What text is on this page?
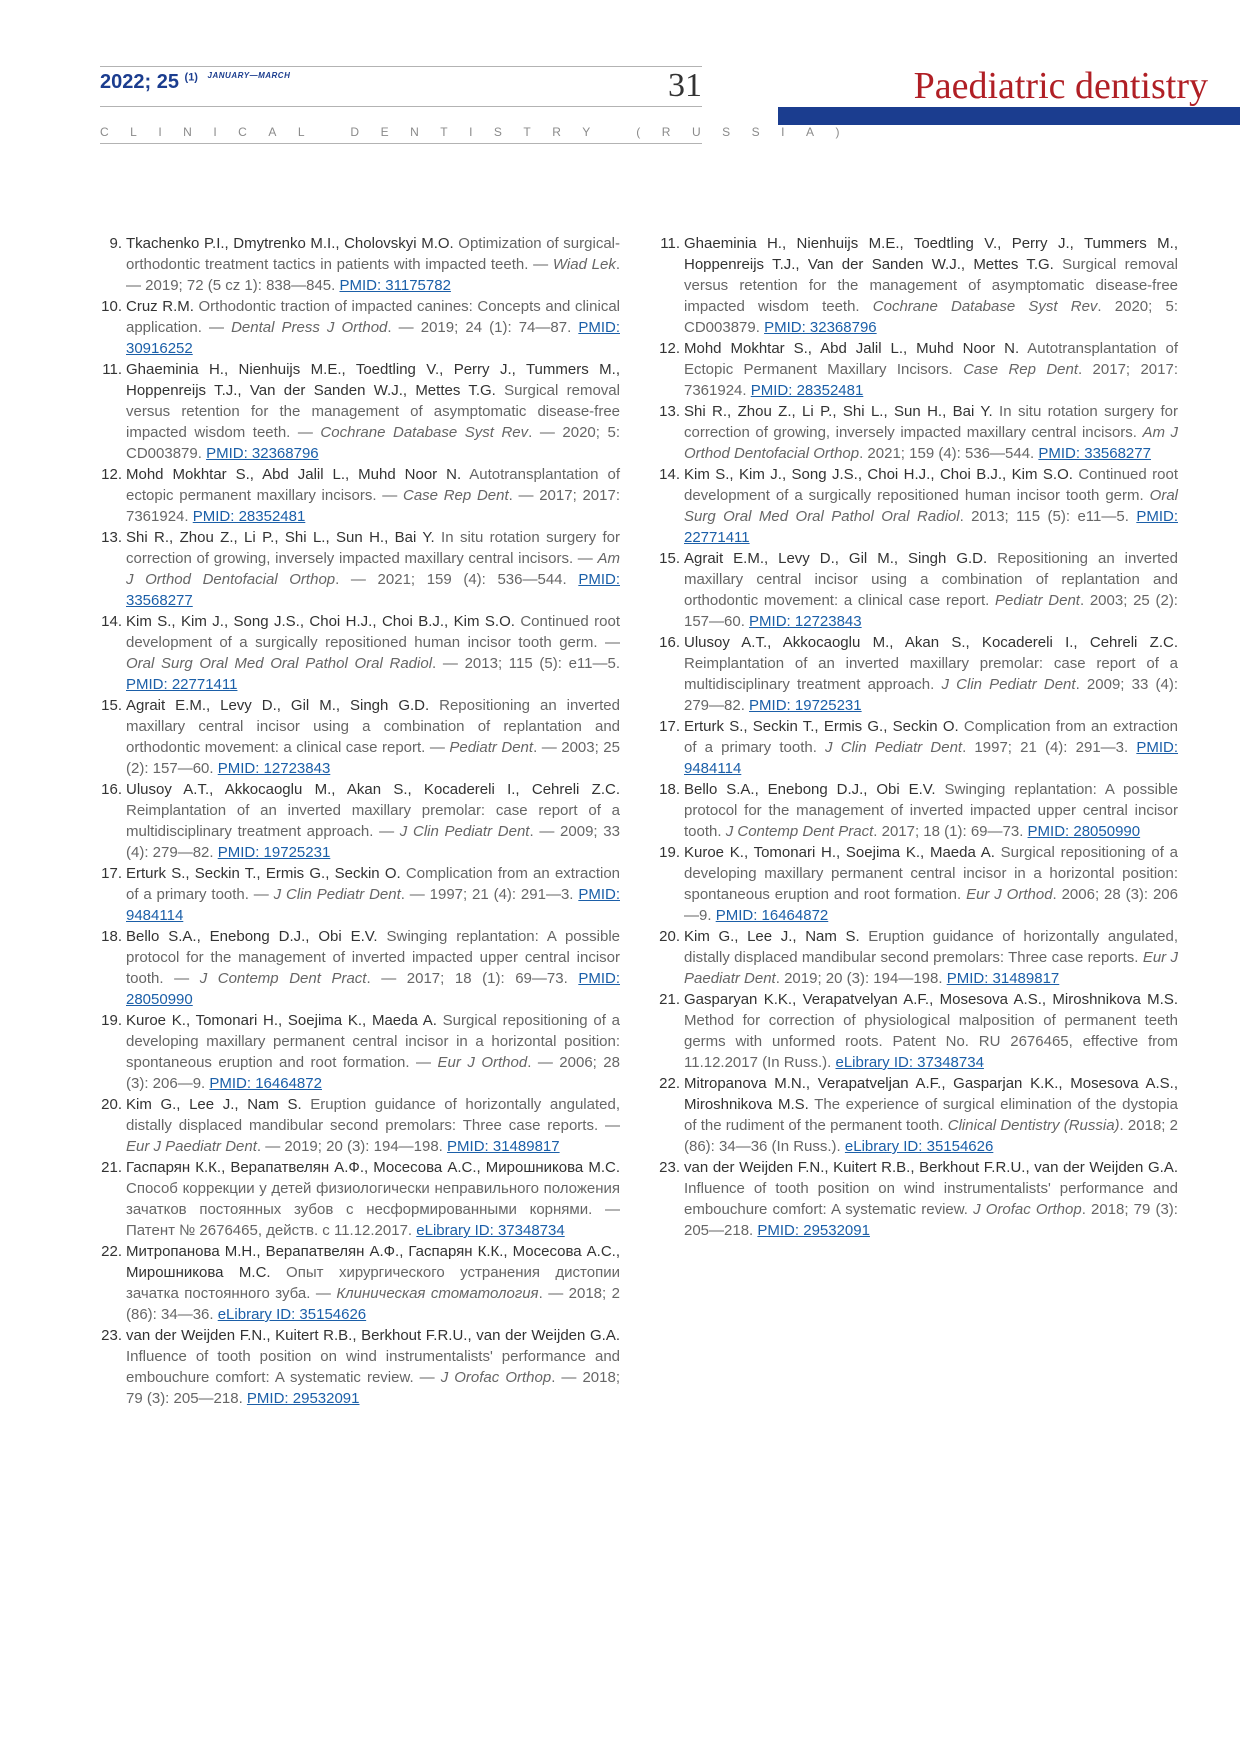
2022; 25 $^{(1)}$ $^{JANUARY—MARCH}$	31
CLINICAL DENTISTRY (RUSSIA)
Paediatric dentistry
9. Tkachenko P.I., Dmytrenko M.I., Cholovskyi M.O. Optimization of surgical-orthodontic treatment tactics in patients with impacted teeth. — Wiad Lek. — 2019; 72 (5 cz 1): 838—845. PMID: 31175782
10. Cruz R.M. Orthodontic traction of impacted canines: Concepts and clinical application. — Dental Press J Orthod. — 2019; 24 (1): 74—87. PMID: 30916252
11. Ghaeminia H., Nienhuijs M.E., Toedtling V., Perry J., Tummers M., Hoppenreijs T.J., Van der Sanden W.J., Mettes T.G. Surgical removal versus retention for the management of asymptomatic disease-free impacted wisdom teeth. — Cochrane Database Syst Rev. — 2020; 5: CD003879. PMID: 32368796
12. Mohd Mokhtar S., Abd Jalil L., Muhd Noor N. Autotransplantation of ectopic permanent maxillary incisors. — Case Rep Dent. — 2017; 2017: 7361924. PMID: 28352481
13. Shi R., Zhou Z., Li P., Shi L., Sun H., Bai Y. In situ rotation surgery for correction of growing, inversely impacted maxillary central incisors. — Am J Orthod Dentofacial Orthop. — 2021; 159 (4): 536—544. PMID: 33568277
14. Kim S., Kim J., Song J.S., Choi H.J., Choi B.J., Kim S.O. Continued root development of a surgically repositioned human incisor tooth germ. — Oral Surg Oral Med Oral Pathol Oral Radiol. — 2013; 115 (5): e11—5. PMID: 22771411
15. Agrait E.M., Levy D., Gil M., Singh G.D. Repositioning an inverted maxillary central incisor using a combination of replantation and orthodontic movement: a clinical case report. — Pediatr Dent. — 2003; 25 (2): 157—60. PMID: 12723843
16. Ulusoy A.T., Akkocaoglu M., Akan S., Kocadereli I., Cehreli Z.C. Reimplantation of an inverted maxillary premolar: case report of a multidisciplinary treatment approach. — J Clin Pediatr Dent. — 2009; 33 (4): 279—82. PMID: 19725231
17. Erturk S., Seckin T., Ermis G., Seckin O. Complication from an extraction of a primary tooth. — J Clin Pediatr Dent. — 1997; 21 (4): 291—3. PMID: 9484114
18. Bello S.A., Enebong D.J., Obi E.V. Swinging replantation: A possible protocol for the management of inverted impacted upper central incisor tooth. — J Contemp Dent Pract. — 2017; 18 (1): 69—73. PMID: 28050990
19. Kuroe K., Tomonari H., Soejima K., Maeda A. Surgical repositioning of a developing maxillary permanent central incisor in a horizontal position: spontaneous eruption and root formation. — Eur J Orthod. — 2006; 28 (3): 206—9. PMID: 16464872
20. Kim G., Lee J., Nam S. Eruption guidance of horizontally angulated, distally displaced mandibular second premolars: Three case reports. — Eur J Paediatr Dent. — 2019; 20 (3): 194—198. PMID: 31489817
21. Гаспарян К.К., Верапатвелян А.Ф., Мосесова А.С., Мирошникова М.С. Способ коррекции у детей физиологически неправильного положения зачатков постоянных зубов с несформированными корнями. — Патент № 2676465, действ. с 11.12.2017. eLibrary ID: 37348734
22. Митропанова М.Н., Верапатвелян А.Ф., Гаспарян К.К., Мосесова А.С., Мирошникова М.С. Опыт хирургического устранения дистопии зачатка постоянного зуба. — Клиническая стоматология. — 2018; 2 (86): 34—36. eLibrary ID: 35154626
23. van der Weijden F.N., Kuitert R.B., Berkhout F.R.U., van der Weijden G.A. Influence of tooth position on wind instrumentalists' performance and embouchure comfort: A systematic review. — J Orofac Orthop. — 2018; 79 (3): 205—218. PMID: 29532091
11. Ghaeminia H., Nienhuijs M.E., Toedtling V., Perry J., Tummers M., Hoppenreijs T.J., Van der Sanden W.J., Mettes T.G. Surgical removal versus retention for the management of asymptomatic disease-free impacted wisdom teeth. Cochrane Database Syst Rev. 2020; 5: CD003879. PMID: 32368796
12. Mohd Mokhtar S., Abd Jalil L., Muhd Noor N. Autotransplantation of Ectopic Permanent Maxillary Incisors. Case Rep Dent. 2017; 2017: 7361924. PMID: 28352481
13. Shi R., Zhou Z., Li P., Shi L., Sun H., Bai Y. In situ rotation surgery for correction of growing, inversely impacted maxillary central incisors. Am J Orthod Dentofacial Orthop. 2021; 159 (4): 536—544. PMID: 33568277
14. Kim S., Kim J., Song J.S., Choi H.J., Choi B.J., Kim S.O. Continued root development of a surgically repositioned human incisor tooth germ. Oral Surg Oral Med Oral Pathol Oral Radiol. 2013; 115 (5): e11—5. PMID: 22771411
15. Agrait E.M., Levy D., Gil M., Singh G.D. Repositioning an inverted maxillary central incisor using a combination of replantation and orthodontic movement: a clinical case report. Pediatr Dent. 2003; 25 (2): 157—60. PMID: 12723843
16. Ulusoy A.T., Akkocaoglu M., Akan S., Kocadereli I., Cehreli Z.C. Reimplantation of an inverted maxillary premolar: case report of a multidisciplinary treatment approach. J Clin Pediatr Dent. 2009; 33 (4): 279—82. PMID: 19725231
17. Erturk S., Seckin T., Ermis G., Seckin O. Complication from an extraction of a primary tooth. J Clin Pediatr Dent. 1997; 21 (4): 291—3. PMID: 9484114
18. Bello S.A., Enebong D.J., Obi E.V. Swinging replantation: A possible protocol for the management of inverted impacted upper central incisor tooth. J Contemp Dent Pract. 2017; 18 (1): 69—73. PMID: 28050990
19. Kuroe K., Tomonari H., Soejima K., Maeda A. Surgical repositioning of a developing maxillary permanent central incisor in a horizontal position: spontaneous eruption and root formation. Eur J Orthod. 2006; 28 (3): 206—9. PMID: 16464872
20. Kim G., Lee J., Nam S. Eruption guidance of horizontally angulated, distally displaced mandibular second premolars: Three case reports. Eur J Paediatr Dent. 2019; 20 (3): 194—198. PMID: 31489817
21. Gasparyan K.K., Verapatvelyan A.F., Mosesova A.S., Miroshnikova M.S. Method for correction of physiological malposition of permanent teeth germs with unformed roots. Patent No. RU 2676465, effective from 11.12.2017 (In Russ.). eLibrary ID: 37348734
22. Mitropanova M.N., Verapatveljan A.F., Gasparjan K.K., Mosesova A.S., Miroshnikova M.S. The experience of surgical elimination of the dystopia of the rudiment of the permanent tooth. Clinical Dentistry (Russia). 2018; 2 (86): 34—36 (In Russ.). eLibrary ID: 35154626
23. van der Weijden F.N., Kuitert R.B., Berkhout F.R.U., van der Weijden G.A. Influence of tooth position on wind instrumentalists' performance and embouchure comfort: A systematic review. J Orofac Orthop. 2018; 79 (3): 205—218. PMID: 29532091
